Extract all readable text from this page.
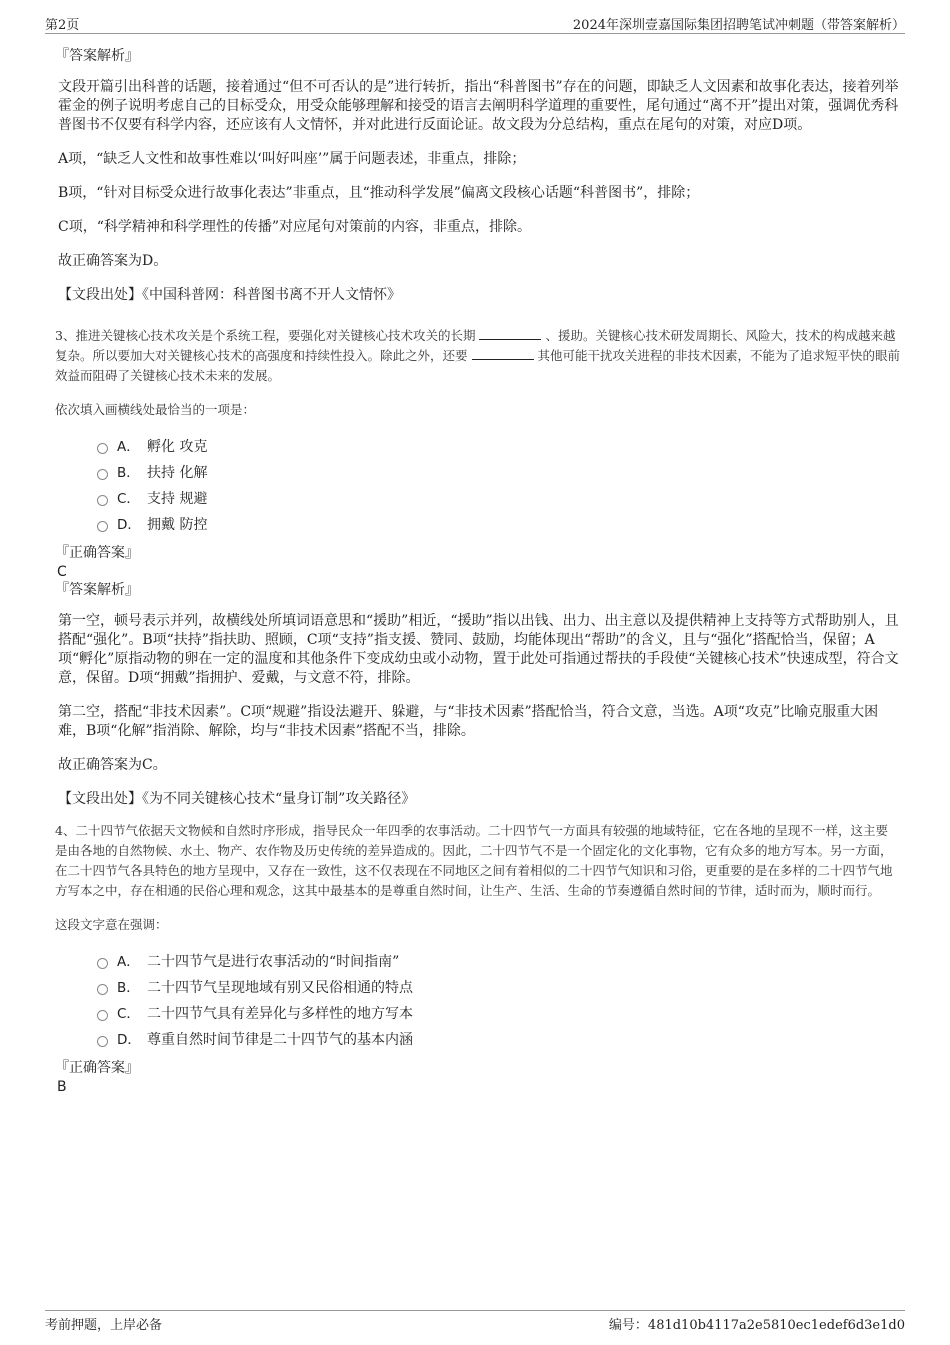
第2页	2024年深圳壹嘉国际集团招聘笔试冲刺题（带答案解析）
『答案解析』

文段开篇引出科普的话题，接着通过“但不可否认的是”进行转折，指出“科普图书”存在的问题，即缺乏人文因素和故事化表达，接着列举霍金的例子说明考虑自己的目标受众，用受众能够理解和接受的语言去阐明科学道理的重要性，尾句通过“离不开”提出对策，强调优秀科普图书不仅要有科学内容，还应该有人文情怀，并对此进行反面论证。故文段为分总结构，重点在尾句的对策，对应D项。

A项，“缺乏人文性和故事性难以‘叫好叫座’”属于问题表述，非重点，排除；

B项，“针对目标受众进行故事化表达”非重点，且“推动科学发展”偏离文段核心话题“科普图书”，排除；

C项，“科学精神和科学理性的传播”对应尾句对策前的内容，非重点，排除。

故正确答案为D。

【文段出处】《中国科普网：科普图书离不开人文情怀》

3、推进关键核心技术攻关是个系统工程，要强化对关键核心技术攻关的长期	、援助。关键核心技术研发周期长、风险大，技术的构成越来越复杂。所以要加大对关键核心技术的高强度和持续性投入。除此之外，还要	其他可能干扰攻关进程的非技术因素，不能为了追求短平快的眼前效益而阻碍了关键核心技术未来的发展。

依次填入画横线处最恰当的一项是：

A． 孵化 攻克
B． 扶持 化解
C． 支持 规避
D． 拥戴 防控
『正确答案』
C
『答案解析』

第一空，顿号表示并列，故横线处所填词语意思和“援助”相近，“援助”指以出钱、出力、出主意以及提供精神上支持等方式帮助别人，且搭配“强化”。B项“扶持”指扶助、照顾，C项“支持”指支援、赞同、鼓励，均能体现出“帮助”的含义，且与“强化”搭配恰当，保留；A项“孵化”原指动物的卵在一定的温度和其他条件下变成幼虫或小动物，置于此处可指通过帮扶的手段使“关键核心技术”快速成型，符合文意，保留。D项“拥戴”指拥护、爱戴，与文意不符，排除。

第二空，搭配“非技术因素”。C项“规避”指设法避开、躲避，与“非技术因素”搭配恰当，符合文意，当选。A项“攻克”比喻克服重大困难，B项“化解”指消除、解除，均与“非技术因素”搭配不当，排除。

故正确答案为C。

【文段出处】《为不同关键核心技术“量身订制”攻关路径》

4、二十四节气依据天文物候和自然时序形成，指导民众一年四季的农事活动。二十四节气一方面具有较强的地域特征，它在各地的呈现不一样，这主要是由各地的自然物候、水土、物产、农作物及历史传统的差异造成的。因此，二十四节气不是一个固定化的文化事物，它有众多的地方写本。另一方面，在二十四节气各具特色的地方呈现中，又存在一致性，这不仅表现在不同地区之间有着相似的二十四节气知识和习俗，更重要的是在多样的二十四节气地方写本之中，存在相通的民俗心理和观念，这其中最基本的是尊重自然时间，让生产、生活、生命的节奏遵循自然时间的节律，适时而为，顺时而行。

这段文字意在强调：

A． 二十四节气是进行农事活动的“时间指南”
B． 二十四节气呈现地域有别又民俗相通的特点
C． 二十四节气具有差异化与多样性的地方写本
D． 尊重自然时间节律是二十四节气的基本内涵
『正确答案』
B
考前押题，上岸必备	编号：481d10b4117a2e5810ec1edef6d3e1d0
